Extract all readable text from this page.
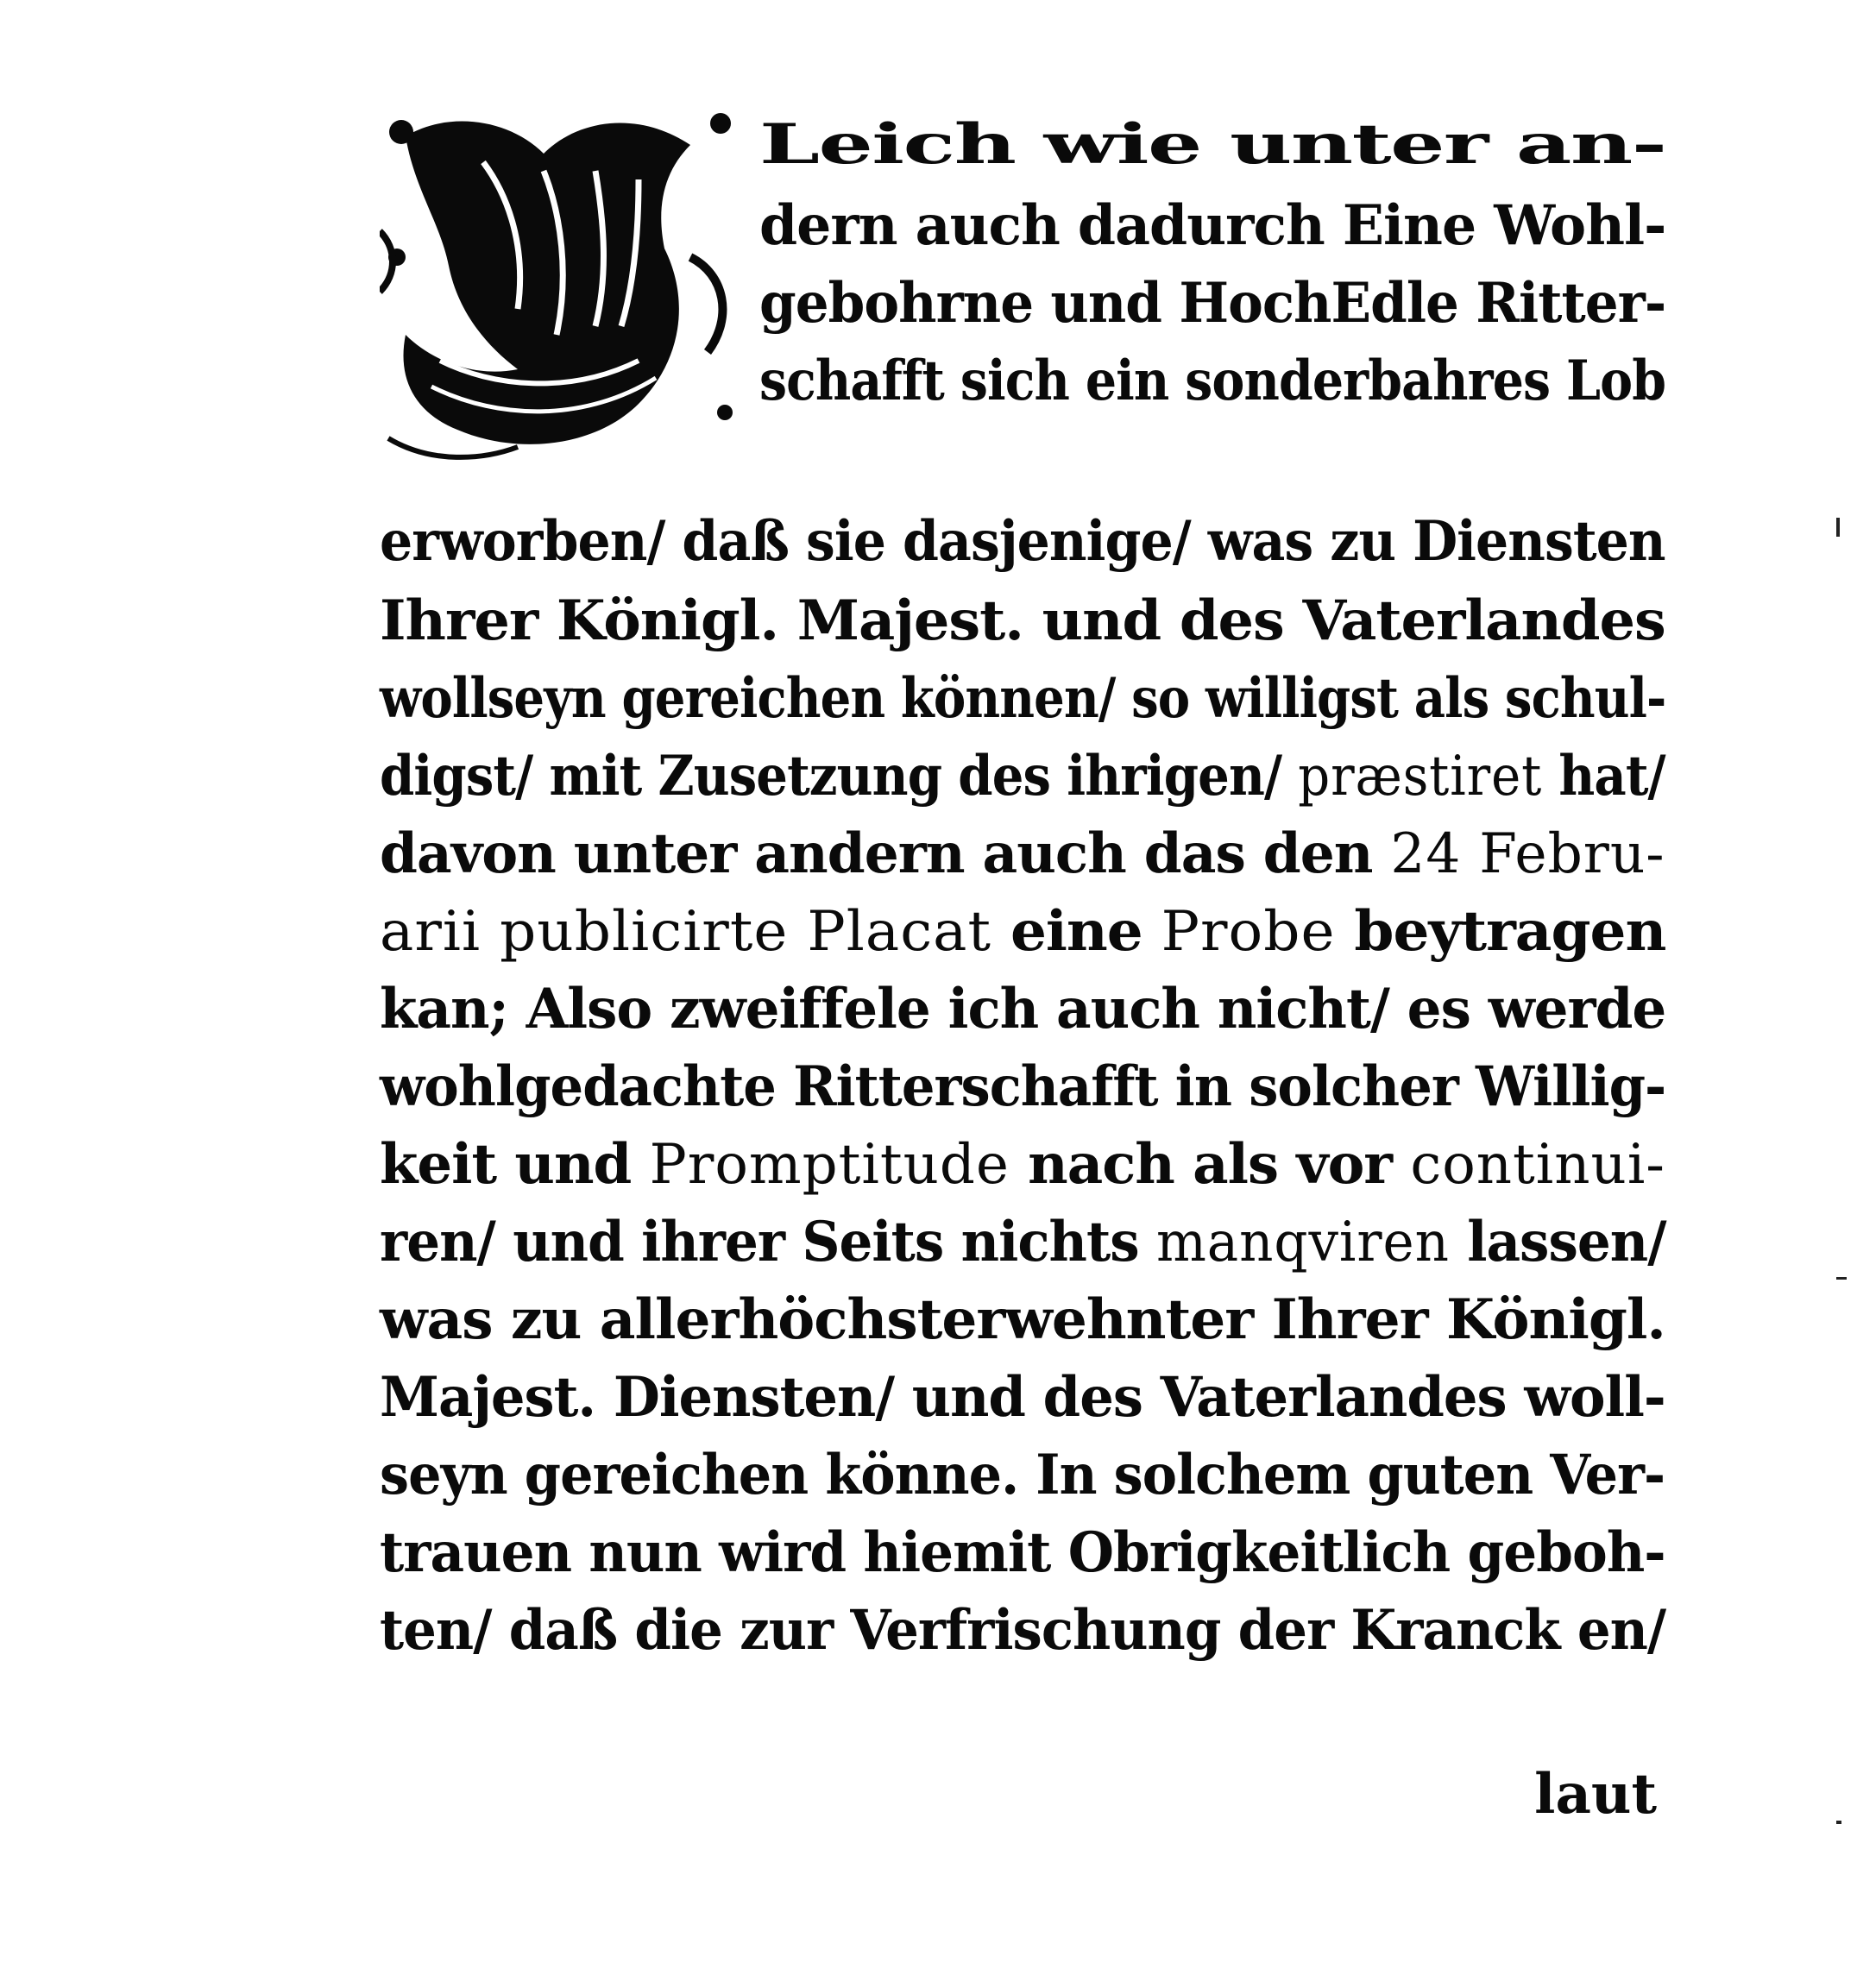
Leich wie unter an-
dern auch dadurch Eine Wohl-
gebohrne und HochEdle Ritter-
schafft sich ein sonderbahres Lob
erworben/ daß sie dasjenige/ was zu Diensten
Ihrer Königl. Majest. und des Vaterlandes
wollseyn gereichen können/ so willigst als schul-
digst/ mit Zusetzung des ihrigen/ præstiret hat/
davon unter andern auch das den 24 Febru-
arii publicirte Placat eine Probe beytragen
kan; Also zweiffele ich auch nicht/ es werde
wohlgedachte Ritterschafft in solcher Willig-
keit und Promptitude nach als vor continui-
ren/ und ihrer Seits nichts manqviren lassen/
was zu allerhöchsterwehnter Ihrer Königl.
Majest. Diensten/ und des Vaterlandes woll-
seyn gereichen könne. In solchem guten Ver-
trauen nun wird hiemit Obrigkeitlich geboh-
ten/ daß die zur Verfrischung der Kranck en/
laut
